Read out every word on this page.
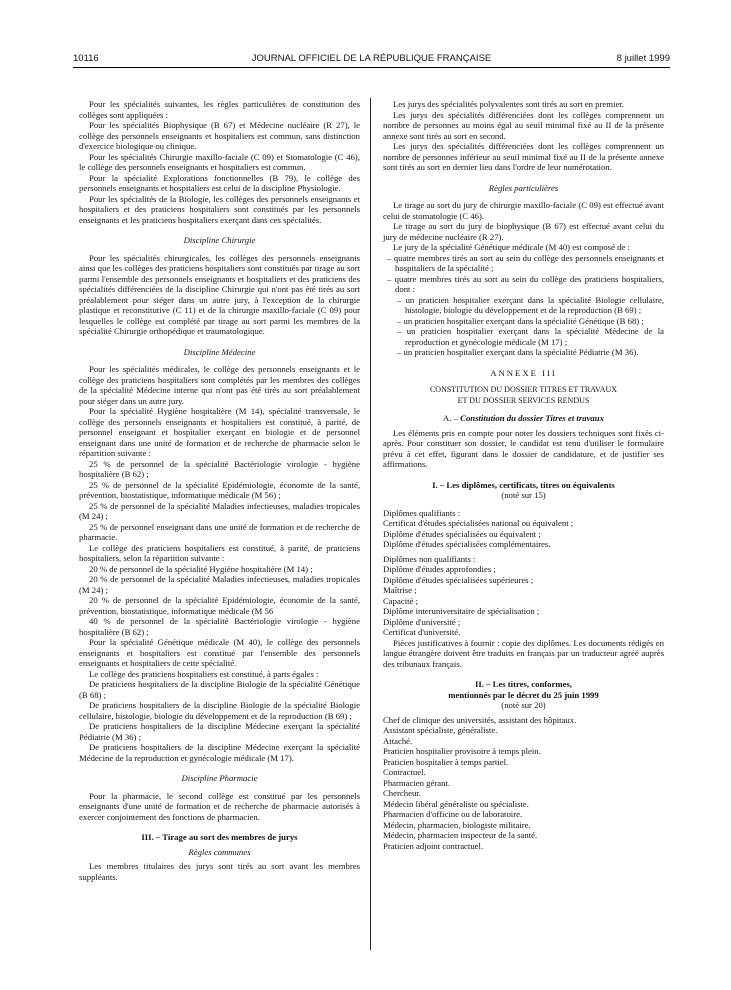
10116	JOURNAL OFFICIEL DE LA RÉPUBLIQUE FRANÇAISE	8 juillet 1999

Pour les spécialités suivantes, les règles particulières de constitution des collèges sont appliquées :

Pour les spécialités Biophysique (B 67) et Médecine nucléaire (R 27), le collège des personnels enseignants et hospitaliers est commun, sans distinction d'exercice biologique ou clinique.

Pour les spécialités Chirurgie maxillo-faciale (C 09) et Stomatologie (C 46), le collège des personnels enseignants et hospitaliers est commun.

Pour la spécialité Explorations fonctionnelles (B 79), le collège des personnels enseignants et hospitaliers est celui de la discipline Physiologie.

Pour les spécialités de la Biologie, les collèges des personnels enseignants et hospitaliers et des praticiens hospitaliers sont constitués par les personnels enseignants et les praticiens hospitaliers exerçant dans ces spécialités.

Discipline Chirurgie

Pour les spécialités chirurgicales, les collèges des personnels enseignants ainsi que les collèges des praticiens hospitaliers sont constitués par tirage au sort parmi l'ensemble des personnels enseignants et hospitaliers et des praticiens des spécialités différenciées de la discipline Chirurgie qui n'ont pas été tirés au sort préalablement pour siéger dans un autre jury, à l'exception de la chirurgie plastique et reconstitutive (C 11) et de la chirurgie maxillo-faciale (C 09) pour lesquelles le collège est complété par tirage au sort parmi les membres de la spécialité Chirurgie orthopédique et traumatologique.

Discipline Médecine

Pour les spécialités médicales, le collège des personnels enseignants et le collège des praticiens hospitaliers sont complétés par les membres des collèges de la spécialité Médecine interne qui n'ont pas été tirés au sort préalablement pour siéger dans un autre jury.

Pour la spécialité Hygiène hospitalière (M 14), spécialité transversale, le collège des personnels enseignants et hospitaliers est constitué, à parité, de personnel enseignant et hospitalier exerçant en biologie et de personnel enseignant dans une unité de formation et de recherche de pharmacie selon le répartition suivante :

25 % de personnel de la spécialité Bactériologie virologie - hygiène hospitalière (B 62) ;

25 % de personnel de la spécialité Epidémiologie, économie de la santé, prévention, biostatistique, informatique médicale (M 56) ;

25 % de personnel de la spécialité Maladies infectieuses, maladies tropicales (M 24) ;

25 % de personnel enseignant dans une unité de formation et de recherche de pharmacie.

Le collège des praticiens hospitaliers est constitué, à parité, de praticiens hospitaliers, selon la répartition suivante :

20 % de personnel de la spécialité Hygiène hospitalière (M 14) ;

20 % de personnel de la spécialité Maladies infectieuses, maladies tropicales (M 24) ;

20 % de personnel de la spécialité Epidémiologie, économie de la santé, prévention, biostatistique, informatique médicale (M 56

40 % de personnel de la spécialité Bactériologie virologie - hygiène hospitalière (B 62) ;

Pour la spécialité Génétique médicale (M 40), le collège des personnels enseignants et hospitaliers est constitué par l'ensemble des personnels enseignants et hospitaliers de cette spécialité.

Le collège des praticiens hospitaliers est constitué, à parts égales :

De praticiens hospitaliers de la discipline Biologie de la spécialité Génétique (B 68) ;

De praticiens hospitaliers de la discipline Biologie de la spécialité Biologie cellulaire, histologie, biologie du développement et de la reproduction (B 69) ;

De praticiens hospitaliers de la discipline Médecine exerçant la spécialité Pédiatrie (M 36) ;

De praticiens hospitaliers de la discipline Médecine exerçant la spécialité Médecine de la reproduction et gynécologie médicale (M 17).

Discipline Pharmacie

Pour la pharmacie, le second collège est constitué par les personnels enseignants d'une unité de formation et de recherche de pharmacie autorisés à exercer conjointement des fonctions de pharmacien.

III. – Tirage au sort des membres de jurys
Règles communes

Les membres titulaires des jurys sont tirés au sort avant les membres suppléants.

Les jurys des spécialités polyvalentes sont tirés au sort en premier.

Les jurys des spécialités différenciées dont les collèges comprennent un nombre de personnes au moins égal au seuil minimal fixé au II de la présente annexe sont tirés au sort en second.

Les jurys des spécialités différenciées dont les collèges comprennent un nombre de personnes inférieur au seuil minimal fixé au II de la présente annexe sont tirés au sort en dernier lieu dans l'ordre de leur numérotation.

Règles particulières

Le tirage au sort du jury de chirurgie maxillo-faciale (C 09) est effectué avant celui de stomatologie (C 46).

Le tirage au sort du jury de biophysique (B 67) est effectué avant celui du jury de médecine nucléaire (R 27).

Le jury de la spécialité Génétique médicale (M 40) est composé de :

– quatre membres tirés au sort au sein du collège des personnels enseignants et hospitaliers de la spécialité ;

– quatre membres tirés au sort au sein du collège des praticiens hospitaliers, dont :

– un praticien hospitalier exerçant dans la spécialité Biologie cellulaire, histologie, biologie du développement et de la reproduction (B 69) ;

– un praticien hospitalier exerçant dans la spécialité Génétique (B 68) ;

– un praticien hospitalier exerçant dans la spécialité Médecine de la reproduction et gynécologie médicale (M 17) ;

– un praticien hospitalier exerçant dans la spécialité Pédiatrie (M 36).

ANNEXE III

CONSTITUTION DU DOSSIER TITRES ET TRAVAUX

ET DU DOSSIER SERVICES RENDUS

A. – Constitution du dossier Titres et travaux

Les éléments pris en compte pour noter les dossiers techniques sont fixés ci-après. Pour constituer son dossier, le candidat est tenu d'utiliser le formulaire prévu à cet effet, figurant dans le dossier de candidature, et de justifier ses affirmations.

I. – Les diplômes, certificats, titres ou équivalents

(noté sur 15)

Diplômes qualifiants :

Certificat d'études spécialisées national ou équivalent ;

Diplôme d'études spécialisées ou équivalent ;

Diplôme d'études spécialisées complémentaires.

Diplômes non qualifiants :

Diplôme d'études approfondies ;

Diplôme d'études spécialisées supérieures ;

Maîtrise ;

Capacité ;

Diplôme interuniversitaire de spécialisation ;

Diplôme d'université ;

Certificat d'université.

Pièces justificatives à fournir : copie des diplômes. Les documents rédigés en langue étrangère doivent être traduits en français par un traducteur agréé auprès des tribunaux français.

II. – Les titres, conformes,
mentionnés par le décret du 25 juin 1999

(noté sur 20)

Chef de clinique des universités, assistant des hôpitaux.

Assistant spécialiste, généraliste.

Attaché.

Praticien hospitalier provisoire à temps plein.

Praticien hospitalier à temps partiel.

Contractuel.

Pharmacien gérant.

Chercheur.

Médecin libéral généraliste ou spécialiste.

Pharmacien d'officine ou de laboratoire.

Médecin, pharmacien, biologiste militaire.

Médecin, pharmacien inspecteur de la santé.

Praticien adjoint contractuel.
